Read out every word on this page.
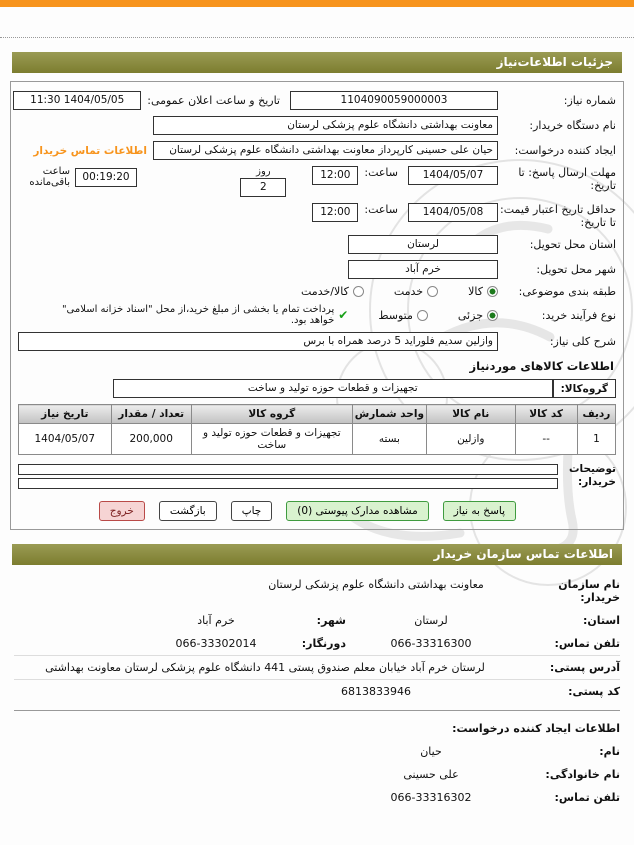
جزئیات اطلاعات‌نیاز
شماره نیاز:
1104090059000003
تاریخ و ساعت اعلان عمومی:
1404/05/05 11:30
نام دستگاه خریدار:
معاونت بهداشتی دانشگاه علوم پزشکی لرستان
ایجاد کننده درخواست:
حیان علی حسینی کارپرداز معاونت بهداشتی دانشگاه علوم پزشکی لرستان
اطلاعات تماس خریدار
مهلت ارسال پاسخ: تا تاریخ:
1404/05/07
ساعت:
12:00
روز
2
00:19:20
ساعت باقی‌مانده
حداقل تاریخ اعتبار قیمت: تا تاریخ:
1404/05/08
ساعت:
12:00
استان محل تحویل:
لرستان
شهر محل تحویل:
خرم آباد
طبقه بندی موضوعی:
کالا
خدمت
کالا/خدمت
نوع فرآیند خرید:
جزئی
متوسط
✔
پرداخت تمام یا بخشی از مبلغ خرید،از محل "اسناد خزانه اسلامی" خواهد بود.
شرح کلی نیاز:
وازلین سدیم فلوراید 5 درصد همراه با برس
اطلاعات کالاهای موردنیاز
گروه‌کالا:
تجهیزات و قطعات حوزه تولید و ساخت
ردیف	کد کالا	نام کالا	واحد شمارش	گروه کالا	تعداد / مقدار	تاریخ نیاز
1	--	وازلین	بسته	تجهیزات و قطعات حوزه تولید و ساخت	200,000	1404/05/07
توضیحات خریدار:
پاسخ به نیاز
مشاهده مدارک پیوستی (0)
چاپ
بازگشت
خروج
اطلاعات تماس سازمان خریدار
نام سازمان خریدار:
معاونت بهداشتی دانشگاه علوم پزشکی لرستان
استان:
لرستان
شهر:
خرم آباد
تلفن تماس:
066-33316300
دورنگار:
066-33302014
آدرس پستی:
لرستان خرم آباد خیابان معلم صندوق پستی 441 دانشگاه علوم پزشکی لرستان معاونت بهداشتی
کد پستی:
6813833946
اطلاعات ایجاد کننده درخواست:
نام:
حیان
نام خانوادگی:
علی حسینی
تلفن تماس:
066-33316302
